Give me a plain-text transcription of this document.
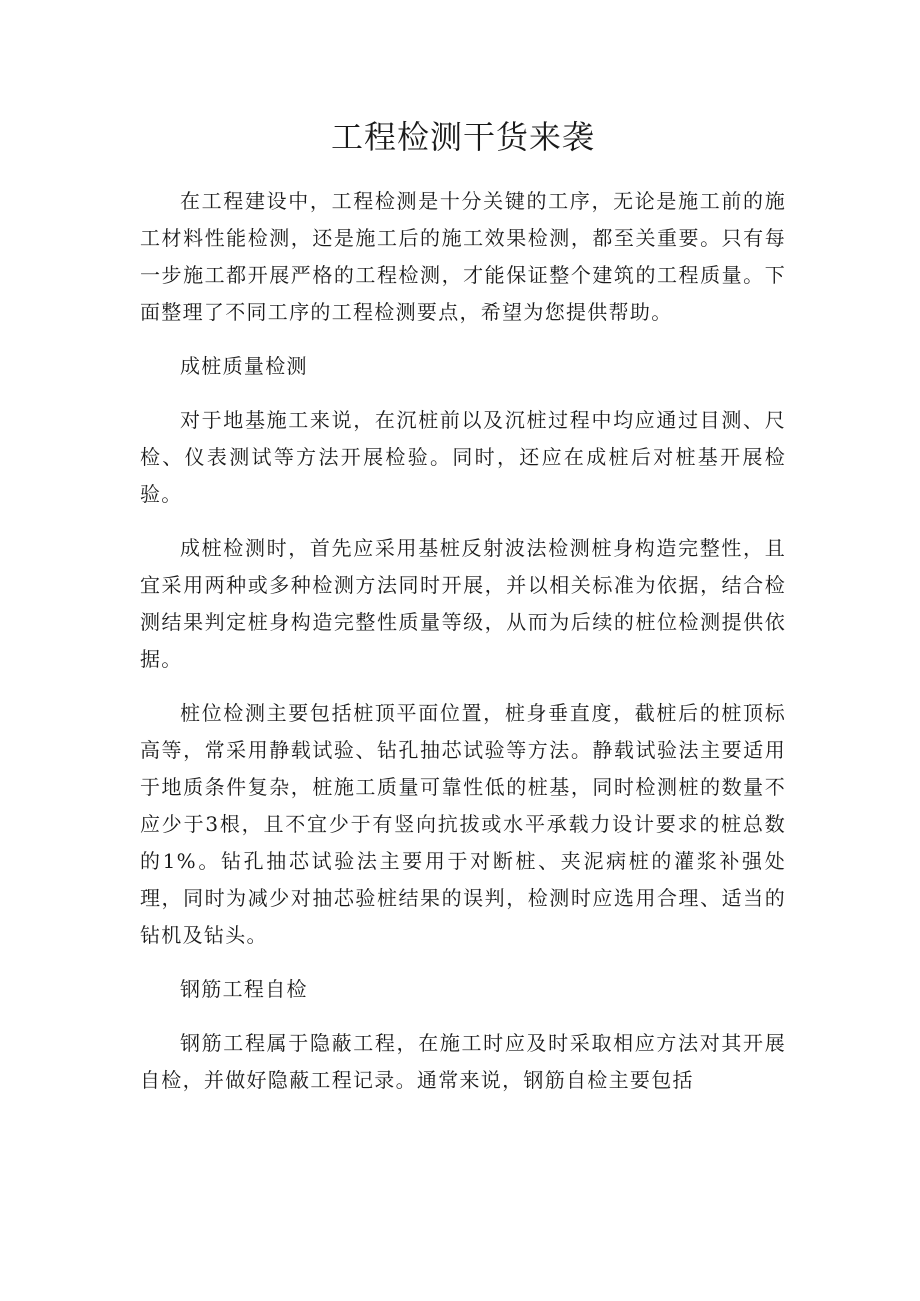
工程检测干货来袭

在工程建设中，工程检测是十分关键的工序，无论是施工前的施工材料性能检测，还是施工后的施工效果检测，都至关重要。只有每一步施工都开展严格的工程检测，才能保证整个建筑的工程质量。下面整理了不同工序的工程检测要点，希望为您提供帮助。

成桩质量检测

对于地基施工来说，在沉桩前以及沉桩过程中均应通过目测、尺检、仪表测试等方法开展检验。同时，还应在成桩后对桩基开展检验。

成桩检测时，首先应采用基桩反射波法检测桩身构造完整性，且宜采用两种或多种检测方法同时开展，并以相关标准为依据，结合检测结果判定桩身构造完整性质量等级，从而为后续的桩位检测提供依据。

桩位检测主要包括桩顶平面位置，桩身垂直度，截桩后的桩顶标高等，常采用静载试验、钻孔抽芯试验等方法。静载试验法主要适用于地质条件复杂，桩施工质量可靠性低的桩基，同时检测桩的数量不应少于3根，且不宜少于有竖向抗拔或水平承载力设计要求的桩总数的1%。钻孔抽芯试验法主要用于对断桩、夹泥病桩的灌浆补强处理，同时为减少对抽芯验桩结果的误判，检测时应选用合理、适当的钻机及钻头。

钢筋工程自检

钢筋工程属于隐蔽工程，在施工时应及时采取相应方法对其开展自检，并做好隐蔽工程记录。通常来说，钢筋自检主要包括
